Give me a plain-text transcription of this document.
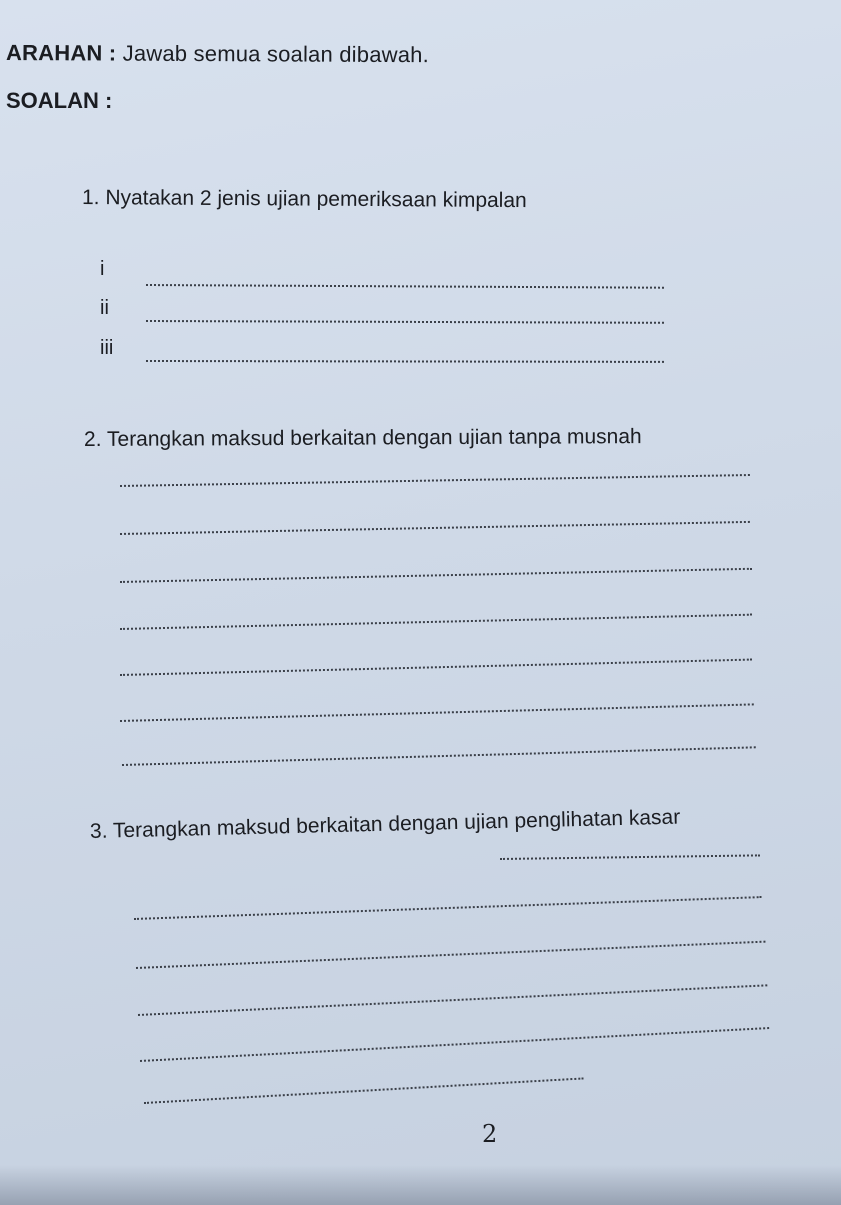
ARAHAN : Jawab semua soalan dibawah.
SOALAN :
1. Nyatakan 2 jenis ujian pemeriksaan kimpalan
i
ii
iii
2. Terangkan maksud berkaitan dengan ujian tanpa musnah
3. Terangkan maksud berkaitan dengan ujian penglihatan kasar
2
